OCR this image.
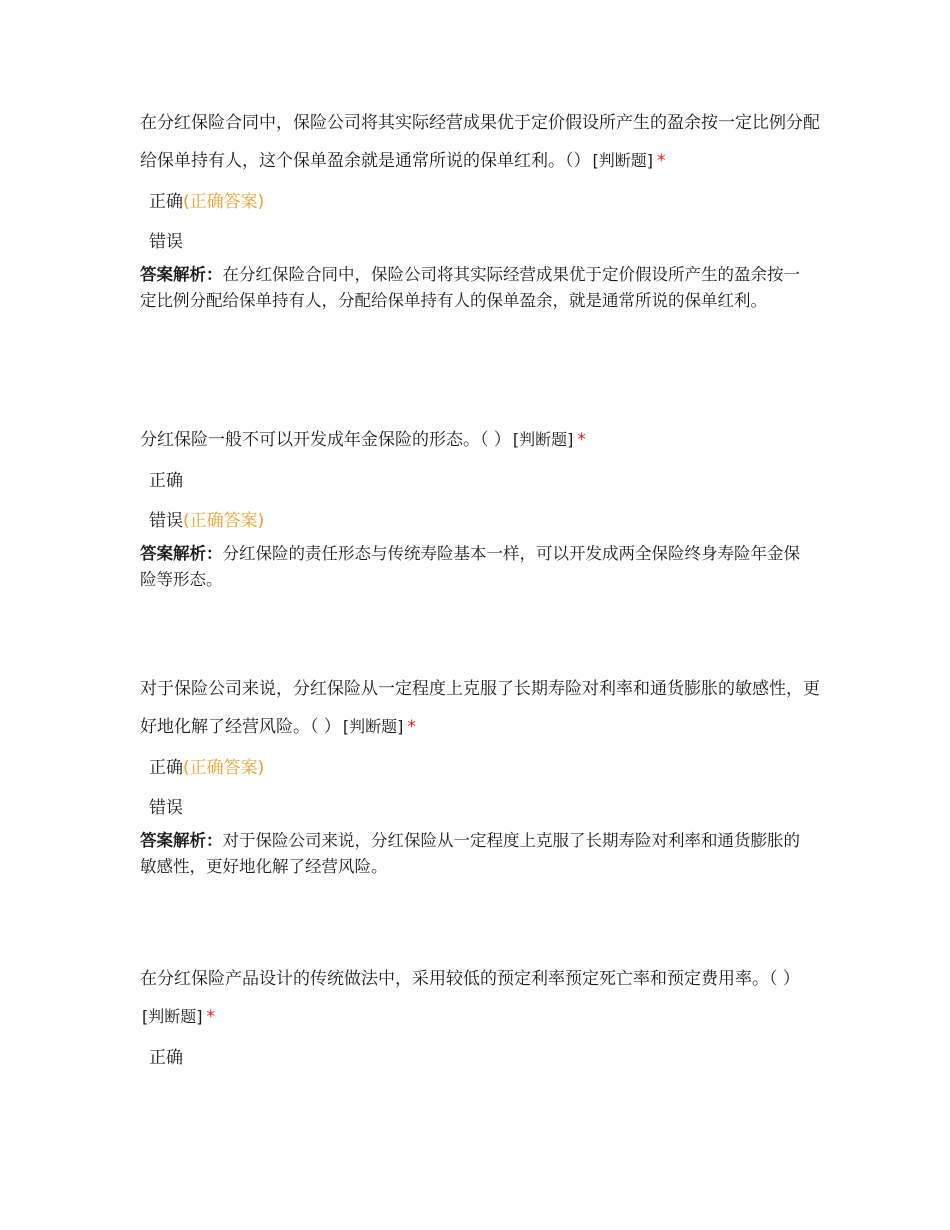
在分红保险合同中，保险公司将其实际经营成果优于定价假设所产生的盈余按一定比例分配给保单持有人，这个保单盈余就是通常所说的保单红利。（） [判断题] *

正确(正确答案)
错误

答案解析：在分红保险合同中，保险公司将其实际经营成果优于定价假设所产生的盈余按一定比例分配给保单持有人，分配给保单持有人的保单盈余，就是通常所说的保单红利。

分红保险一般不可以开发成年金保险的形态。（ ） [判断题] *

正确
错误(正确答案)

答案解析：分红保险的责任形态与传统寿险基本一样，可以开发成两全保险终身寿险年金保险等形态。

对于保险公司来说，分红保险从一定程度上克服了长期寿险对利率和通货膨胀的敏感性，更好地化解了经营风险。（ ） [判断题] *

正确(正确答案)
错误

答案解析：对于保险公司来说，分红保险从一定程度上克服了长期寿险对利率和通货膨胀的敏感性，更好地化解了经营风险。

在分红保险产品设计的传统做法中，采用较低的预定利率预定死亡率和预定费用率。（ ）[判断题] *

正确
